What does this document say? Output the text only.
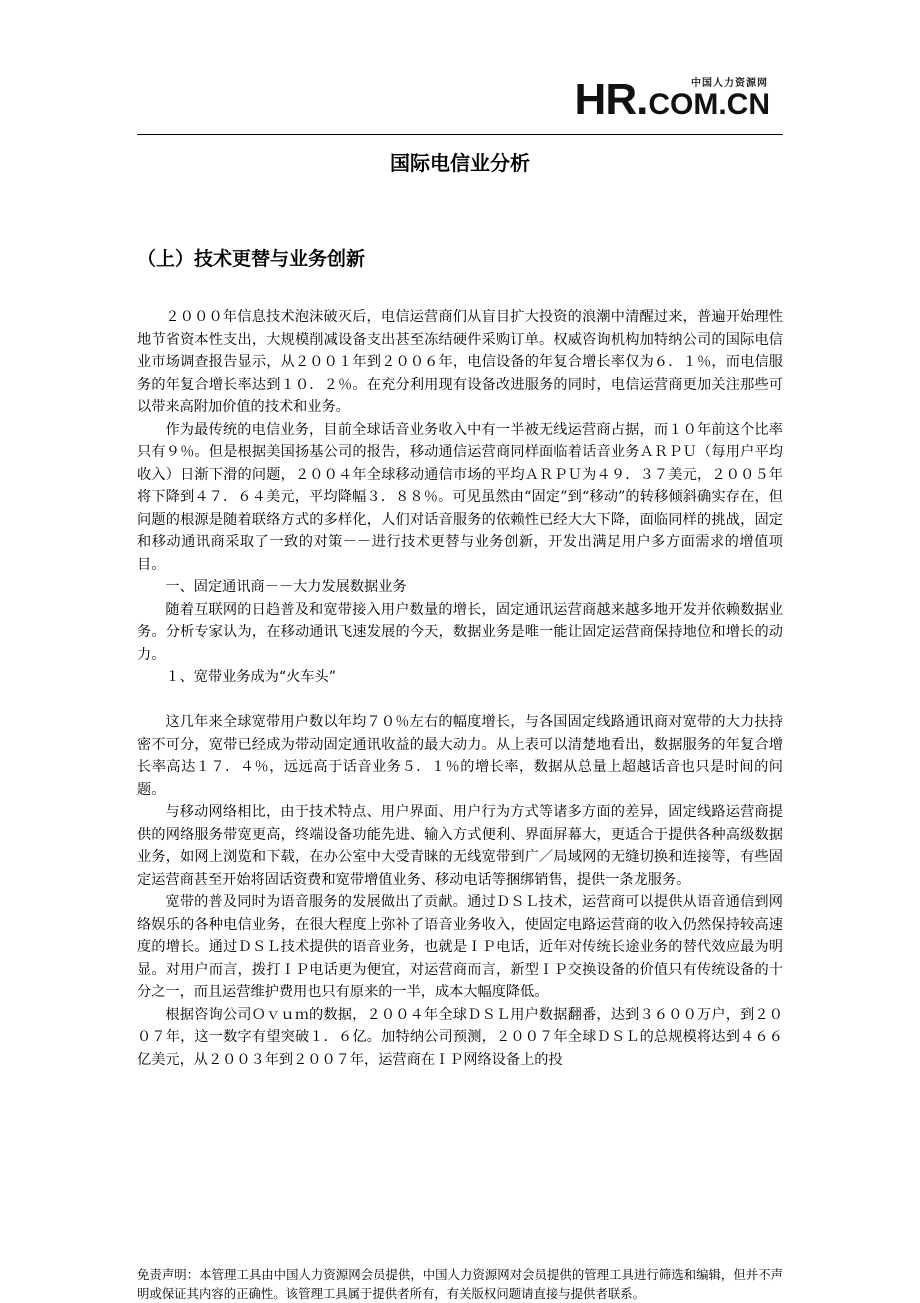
中国人力资源网
HR.COM.CN
国际电信业分析
（上）技术更替与业务创新

２０００年信息技术泡沫破灭后，电信运营商们从盲目扩大投资的浪潮中清醒过来，普遍开始理性地节省资本性支出，大规模削减设备支出甚至冻结硬件采购订单。权威咨询机构加特纳公司的国际电信业市场调查报告显示，从２００１年到２００６年，电信设备的年复合增长率仅为６．１％，而电信服务的年复合增长率达到１０．２％。在充分利用现有设备改进服务的同时，电信运营商更加关注那些可以带来高附加价值的技术和业务。

作为最传统的电信业务，目前全球话音业务收入中有一半被无线运营商占据，而１０年前这个比率只有９％。但是根据美国扬基公司的报告，移动通信运营商同样面临着话音业务ＡＲＰＵ（每用户平均收入）日渐下滑的问题，２００４年全球移动通信市场的平均ＡＲＰＵ为４９．３７美元，２００５年将下降到４７．６４美元，平均降幅３．８８％。可见虽然由“固定”到“移动”的转移倾斜确实存在，但问题的根源是随着联络方式的多样化，人们对话音服务的依赖性已经大大下降，面临同样的挑战，固定和移动通讯商采取了一致的对策－－进行技术更替与业务创新，开发出满足用户多方面需求的增值项目。

一、固定通讯商－－大力发展数据业务

随着互联网的日趋普及和宽带接入用户数量的增长，固定通讯运营商越来越多地开发并依赖数据业务。分析专家认为，在移动通讯飞速发展的今天，数据业务是唯一能让固定运营商保持地位和增长的动力。

１、宽带业务成为“火车头”

这几年来全球宽带用户数以年均７０％左右的幅度增长，与各国固定线路通讯商对宽带的大力扶持密不可分，宽带已经成为带动固定通讯收益的最大动力。从上表可以清楚地看出，数据服务的年复合增长率高达１７．４％，远远高于话音业务５．１％的增长率，数据从总量上超越话音也只是时间的问题。

与移动网络相比，由于技术特点、用户界面、用户行为方式等诸多方面的差异，固定线路运营商提供的网络服务带宽更高，终端设备功能先进、输入方式便利、界面屏幕大，更适合于提供各种高级数据业务，如网上浏览和下载，在办公室中大受青睐的无线宽带到广／局域网的无缝切换和连接等，有些固定运营商甚至开始将固话资费和宽带增值业务、移动电话等捆绑销售，提供一条龙服务。

宽带的普及同时为语音服务的发展做出了贡献。通过ＤＳＬ技术，运营商可以提供从语音通信到网络娱乐的各种电信业务，在很大程度上弥补了语音业务收入，使固定电路运营商的收入仍然保持较高速度的增长。通过ＤＳＬ技术提供的语音业务，也就是ＩＰ电话，近年对传统长途业务的替代效应最为明显。对用户而言，拨打ＩＰ电话更为便宜，对运营商而言，新型ＩＰ交换设备的价值只有传统设备的十分之一，而且运营维护费用也只有原来的一半，成本大幅度降低。

根据咨询公司Ｏｖｕｍ的数据，２００４年全球ＤＳＬ用户数据翻番，达到３６００万户，到２００７年，这一数字有望突破１．６亿。加特纳公司预测，２００７年全球ＤＳＬ的总规模将达到４６６亿美元，从２００３年到２００７年，运营商在ＩＰ网络设备上的投

免责声明：本管理工具由中国人力资源网会员提供，中国人力资源网对会员提供的管理工具进行筛选和编辑，但并不声明或保证其内容的正确性。该管理工具属于提供者所有，有关版权问题请直接与提供者联系。
